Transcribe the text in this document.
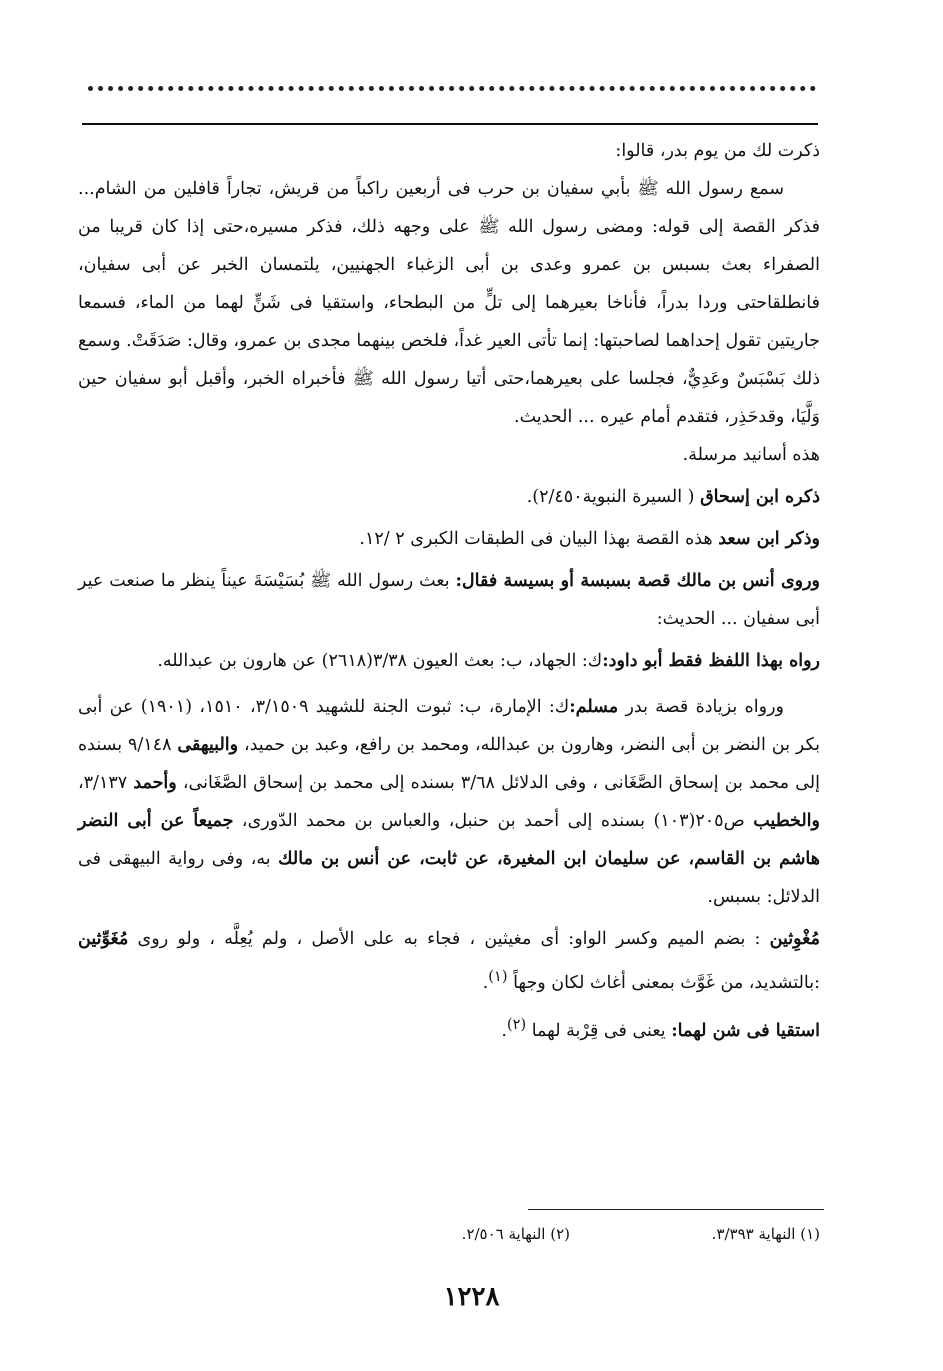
ذكرت لك من يوم بدر، قالوا:

سمع رسول الله ﷺ بأبي سفيان بن حرب فى أربعين راكباً من قريش، تجاراً قافلين من الشام... فذكر القصة إلى قوله: ومضى رسول الله ﷺ على وجهه ذلك، فذكر مسيره،حتى إذا كان قريبا من الصفراء بعث بسبس بن عمرو وعدى بن أبى الزغباء الجهنيين، يلتمسان الخبر عن أبى سفيان، فانطلقاحتى وردا بدراً، فأناخا بعيرهما إلى تلٍّ من البطحاء، واستقيا فى شَنٍّ لهما من الماء، فسمعا جاريتين تقول إحداهما لصاحبتها: إنما تأتى العير غداً، فلخص بينهما مجدى بن عمرو، وقال: صَدَقَتْ. وسمع ذلك بَسْبَسٌ وعَدِيٌّ، فجلسا على بعيرهما،حتى أتيا رسول الله ﷺ فأخبراه الخبر، وأقبل أبو سفيان حين وَلَّيَا، وقدحَذِر، فتقدم أمام عيره ... الحديث.

هذه أسانيد مرسلة.

ذكره ابن إسحاق ( السيرة النبوية٢/٤٥٠).

وذكر ابن سعد هذه القصة بهذا البيان فى الطبقات الكبرى ٢ /١٢.

وروى أنس بن مالك قصة بسبسة أو بسيسة فقال: بعث رسول الله ﷺ بُسَيْسَةَ عيناً ينظر ما صنعت عير أبى سفيان ... الحديث:

رواه بهذا اللفظ فقط أبو داود:ك: الجهاد، ب: بعث العيون ٣/٣٨(٢٦١٨) عن هارون بن عبدالله.

ورواه بزيادة قصة بدر مسلم:ك: الإمارة، ب: ثبوت الجنة للشهيد ٣/١٥٠٩، ١٥١٠، (١٩٠١) عن أبى بكر بن النضر بن أبى النضر، وهارون بن عبدالله، ومحمد بن رافع، وعبد بن حميد، والبيهقى ٩/١٤٨ بسنده إلى محمد بن إسحاق الصَّغَانى ، وفى الدلائل ٣/٦٨ بسنده إلى محمد بن إسحاق الصَّغَانى، وأحمد ٣/١٣٧، والخطيب ص٢٠٥(١٠٣) بسنده إلى أحمد بن حنبل، والعباس بن محمد الدّورى، جميعاً عن أبى النضر هاشم بن القاسم، عن سليمان ابن المغيرة، عن ثابت، عن أنس بن مالك به، وفى رواية البيهقى فى الدلائل: بسبس.

مُغْوِثين : بضم الميم وكسر الواو: أى مغيثين ، فجاء به على الأصل ، ولم يُعِلَّه ، ولو روى مُغَوِّثين :بالتشديد، من غَوَّث بمعنى أغاث لكان وجهاً $^{(١)}$.

استقيا فى شن لهما: يعنى فى قِرْبة لهما $^{(٢)}$.

(١) النهاية ٣/٣٩٣.
(٢) النهاية ٢/٥٠٦.
١٢٢٨
